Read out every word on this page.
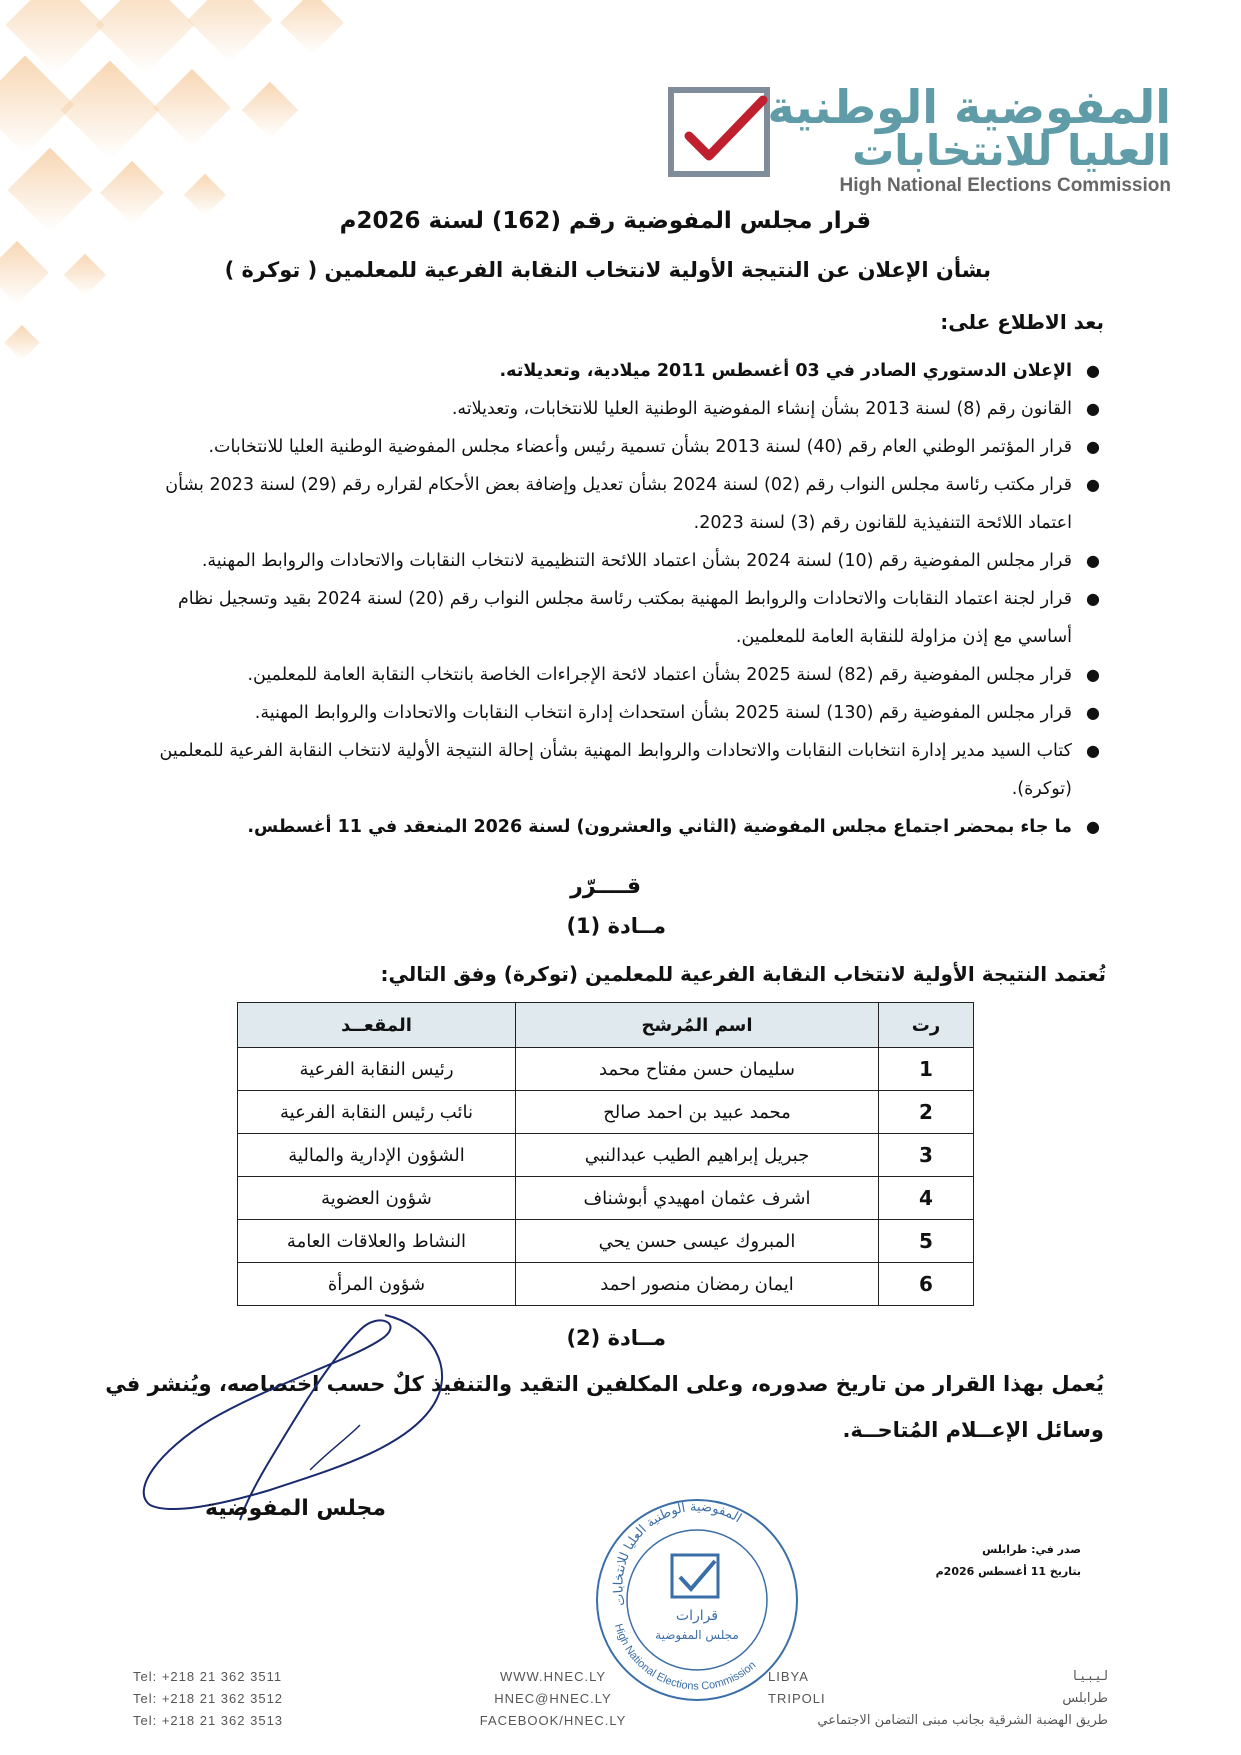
المفوضية الوطنية
العليا للانتخابات
High National Elections Commission
قرار مجلس المفوضية رقم (162) لسنة 2026م
بشأن الإعلان عن النتيجة الأولية لانتخاب النقابة الفرعية للمعلمين ( توكرة )
بعد الاطلاع على:
●
الإعلان الدستوري الصادر في 03 أغسطس 2011 ميلادية، وتعديلاته.
●
القانون رقم (8) لسنة 2013 بشأن إنشاء المفوضية الوطنية العليا للانتخابات، وتعديلاته.
●
قرار المؤتمر الوطني العام رقم (40) لسنة 2013 بشأن تسمية رئيس وأعضاء مجلس المفوضية الوطنية العليا للانتخابات.
●
قرار مكتب رئاسة مجلس النواب رقم (02) لسنة 2024 بشأن تعديل وإضافة بعض الأحكام لقراره رقم (29) لسنة 2023 بشأن اعتماد اللائحة التنفيذية للقانون رقم (3) لسنة 2023.
●
قرار مجلس المفوضية رقم (10) لسنة 2024 بشأن اعتماد اللائحة التنظيمية لانتخاب النقابات والاتحادات والروابط المهنية.
●
قرار لجنة اعتماد النقابات والاتحادات والروابط المهنية بمكتب رئاسة مجلس النواب رقم (20) لسنة 2024 بقيد وتسجيل نظام أساسي مع إذن مزاولة للنقابة العامة للمعلمين.
●
قرار مجلس المفوضية رقم (82) لسنة 2025 بشأن اعتماد لائحة الإجراءات الخاصة بانتخاب النقابة العامة للمعلمين.
●
قرار مجلس المفوضية رقم (130) لسنة 2025 بشأن استحداث إدارة انتخاب النقابات والاتحادات والروابط المهنية.
●
كتاب السيد مدير إدارة انتخابات النقابات والاتحادات والروابط المهنية بشأن إحالة النتيجة الأولية لانتخاب النقابة الفرعية للمعلمين (توكرة).
●
ما جاء بمحضر اجتماع مجلس المفوضية (الثاني والعشرون) لسنة 2026 المنعقد في 11 أغسطس.
قــــرّر
مــادة (1)
تُعتمد النتيجة الأولية لانتخاب النقابة الفرعية للمعلمين (توكرة) وفق التالي:
رت	اسم المُرشح	المقعــد
1	سليمان حسن مفتاح محمد	رئيس النقابة الفرعية
2	محمد عبيد بن احمد صالح	نائب رئيس النقابة الفرعية
3	جبريل إبراهيم الطيب عبدالنبي	الشؤون الإدارية والمالية
4	اشرف عثمان امهيدي أبوشناف	شؤون العضوية
5	المبروك عيسى حسن يحي	النشاط والعلاقات العامة
6	ايمان رمضان منصور احمد	شؤون المرأة
مــادة (2)
يُعمل بهذا القرار من تاريخ صدوره، وعلى المكلفين التقيد والتنفيذ كلٌ حسب اختصاصه، ويُنشر في
وسائل الإعــلام المُتاحــة.
مجلس المفوضية
المفوضية الوطنية العليا للانتخابات
High National Elections Commission
قرارات
مجلس المفوضية
صدر في: طرابلس
بتاريخ 11 أغسطس 2026م
Tel: +218 21 362 3511
Tel: +218 21 362 3512
Tel: +218 21 362 3513
WWW.HNEC.LY
HNEC@HNEC.LY
FACEBOOK/HNEC.LY
LIBYA
TRIPOLI
لـيـبـيـا
طرابلس
طريق الهضبة الشرقية بجانب مبنى التضامن الاجتماعي
